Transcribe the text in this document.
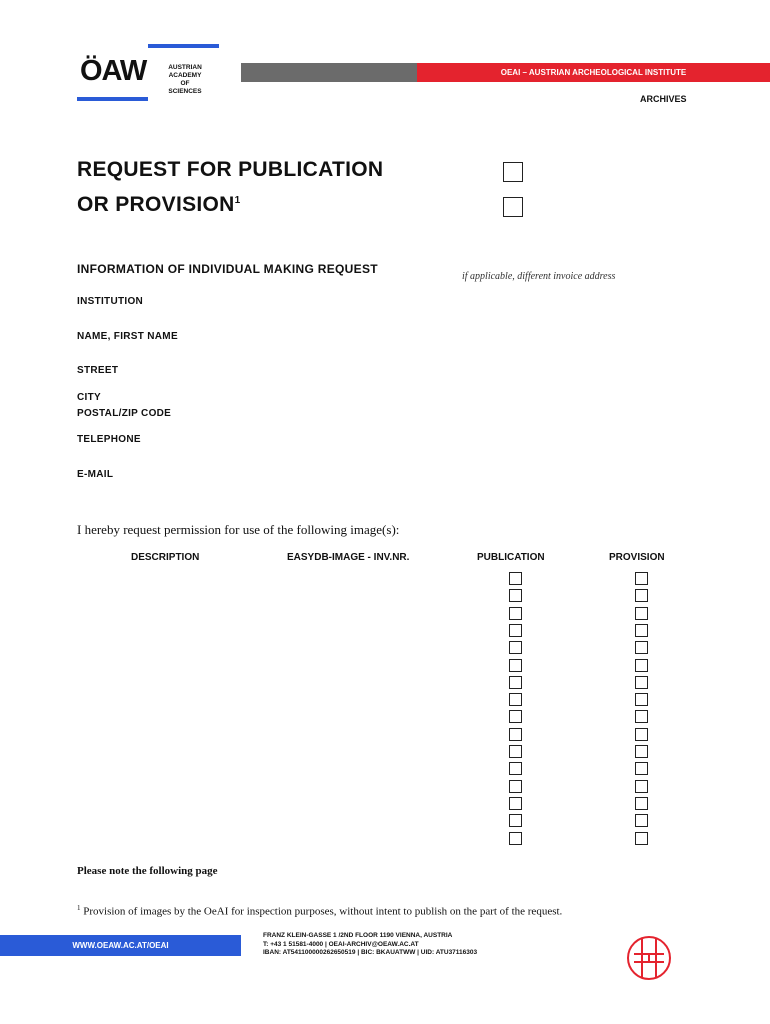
ÖAW	AUSTRIAN
ACADEMY OF
SCIENCES
OEAI – AUSTRIAN ARCHEOLOGICAL INSTITUTE
ARCHIVES
REQUEST FOR PUBLICATION
OR PROVISION$^1$
INFORMATION OF INDIVIDUAL MAKING REQUEST
if applicable, different invoice address
INSTITUTION
NAME, FIRST NAME
STREET
CITY
POSTAL/ZIP CODE
TELEPHONE
E-MAIL
I hereby request permission for use of the following image(s):
DESCRIPTION	EASYDB-IMAGE - INV.NR.	PUBLICATION	PROVISION
Please note the following page
$^1$ Provision of images by the OeAI for inspection purposes, without intent to publish on the part of the request.
WWW.OEAW.AC.AT/OEAI
FRANZ KLEIN-GASSE 1 /2ND FLOOR 1190 VIENNA, AUSTRIA
T: +43 1 51581-4000 | OEAI-ARCHIV@OEAW.AC.AT
IBAN: AT541100000262650519 | BIC: BKAUATWW | UID: ATU37116303
